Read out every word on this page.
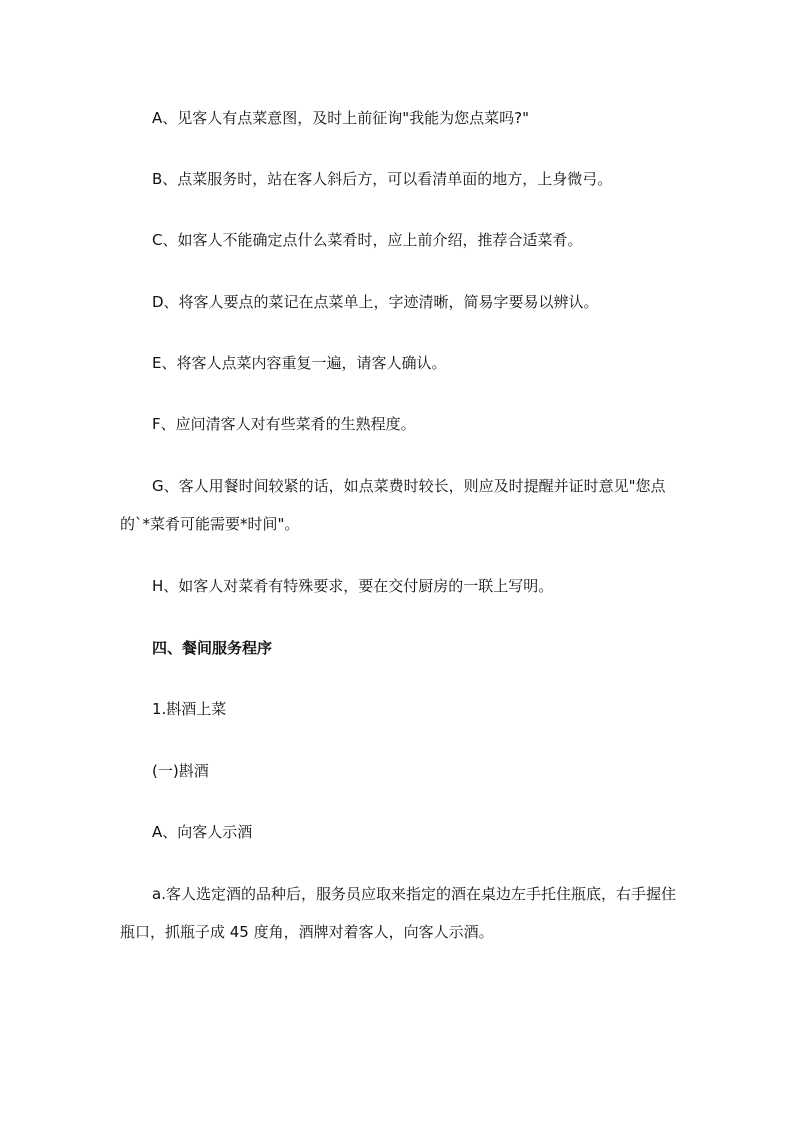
A、见客人有点菜意图，及时上前征询"我能为您点菜吗?"

B、点菜服务时，站在客人斜后方，可以看清单面的地方，上身微弓。

C、如客人不能确定点什么菜肴时，应上前介绍，推荐合适菜肴。

D、将客人要点的菜记在点菜单上，字迹清晰，简易字要易以辨认。

E、将客人点菜内容重复一遍，请客人确认。

F、应问清客人对有些菜肴的生熟程度。

G、客人用餐时间较紧的话，如点菜费时较长，则应及时提醒并证时意见"您点的`*菜肴可能需要*时间"。

H、如客人对菜肴有特殊要求，要在交付厨房的一联上写明。

四、餐间服务程序

1.斟酒上菜

(一)斟酒

A、向客人示酒

a.客人选定酒的品种后，服务员应取来指定的酒在桌边左手托住瓶底，右手握住瓶口，抓瓶子成 45 度角，酒牌对着客人，向客人示酒。
